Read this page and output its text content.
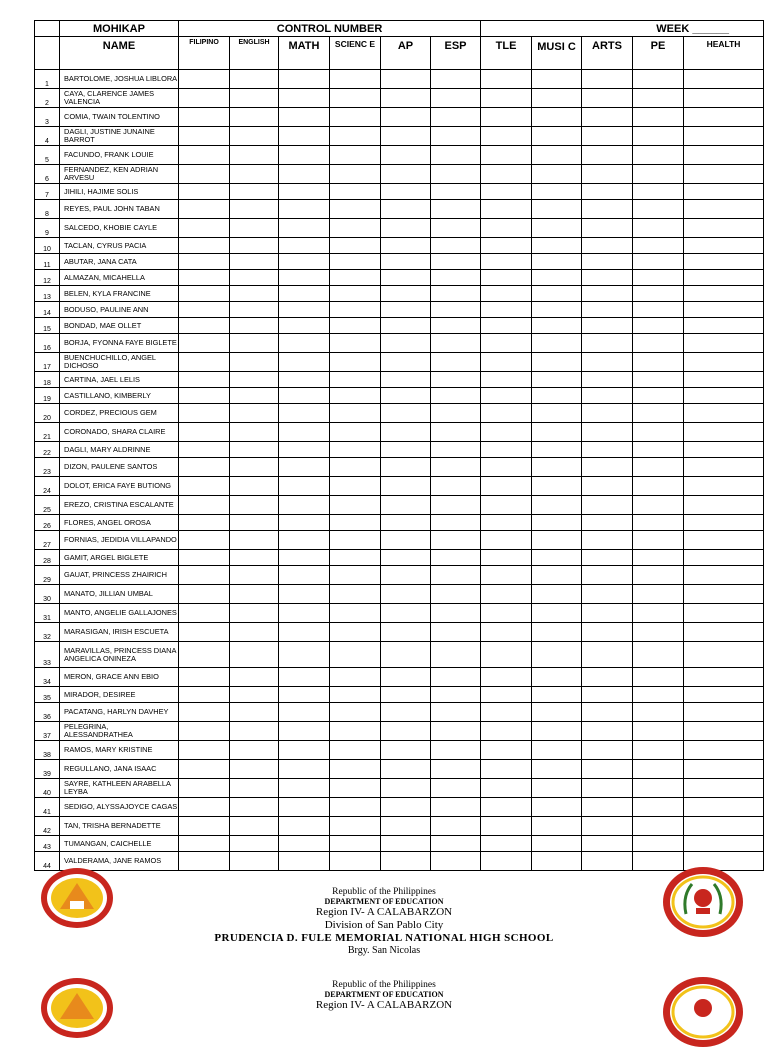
	MOHIKAP	CONTROL NUMBER						WEEK ______				
	NAME	FILIPINO	ENGLISH	MATH	SCIENC E	AP	ESP	TLE	MUSI C	ARTS	PE	HEALTH
1	BARTOLOME, JOSHUA LIBLORA											
2	CAYA, CLARENCE JAMES VALENCIA											
3	COMIA, TWAIN TOLENTINO											
4	DAGLI, JUSTINE JUNAINE BARROT											
5	FACUNDO, FRANK LOUIE											
6	FERNANDEZ, KEN ADRIAN ARVESU											
7	JIHILI, HAJIME SOLIS											
8	REYES, PAUL JOHN TABAN											
9	SALCEDO, KHOBIE CAYLE											
10	TACLAN, CYRUS PACIA											
11	ABUTAR, JANA CATA											
12	ALMAZAN, MICAHELLA											
13	BELEN, KYLA FRANCINE											
14	BODUSO, PAULINE ANN											
15	BONDAD, MAE OLLET											
16	BORJA, FYONNA FAYE BIGLETE											
17	BUENCHUCHILLO, ANGEL DICHOSO											
18	CARTINA, JAEL LELIS											
19	CASTILLANO, KIMBERLY											
20	CORDEZ, PRECIOUS GEM											
21	CORONADO, SHARA CLAIRE											
22	DAGLI, MARY ALDRINNE											
23	DIZON, PAULENE SANTOS											
24	DOLOT, ERICA FAYE BUTIONG											
25	EREZO, CRISTINA ESCALANTE											
26	FLORES, ANGEL OROSA											
27	FORNIAS, JEDIDIA VILLAPANDO											
28	GAMIT, ARGEL BIGLETE											
29	GAUAT, PRINCESS ZHAIRICH											
30	MANATO, JILLIAN UMBAL											
31	MANTO, ANGELIE GALLAJONES											
32	MARASIGAN, IRISH ESCUETA											
33	MARAVILLAS, PRINCESS DIANA ANGELICA ONINEZA											
34	MERON, GRACE ANN EBIO											
35	MIRADOR, DESIREE											
36	PACATANG, HARLYN DAVHEY											
37	PELEGRINA, ALESSANDRATHEA											
38	RAMOS, MARY KRISTINE											
39	REGULLANO, JANA ISAAC											
40	SAYRE, KATHLEEN ARABELLA LEYBA											
41	SEDIGO, ALYSSAJOYCE CAGAS											
42	TAN, TRISHA BERNADETTE											
43	TUMANGAN, CAICHELLE											
44	VALDERAMA, JANE RAMOS											
Republic of the Philippines
DEPARTMENT OF EDUCATION
Region IV- A CALABARZON
Division of San Pablo City
PRUDENCIA D. FULE MEMORIAL NATIONAL HIGH SCHOOL
Brgy. San Nicolas
Republic of the Philippines
DEPARTMENT OF EDUCATION
Region IV- A CALABARZON
